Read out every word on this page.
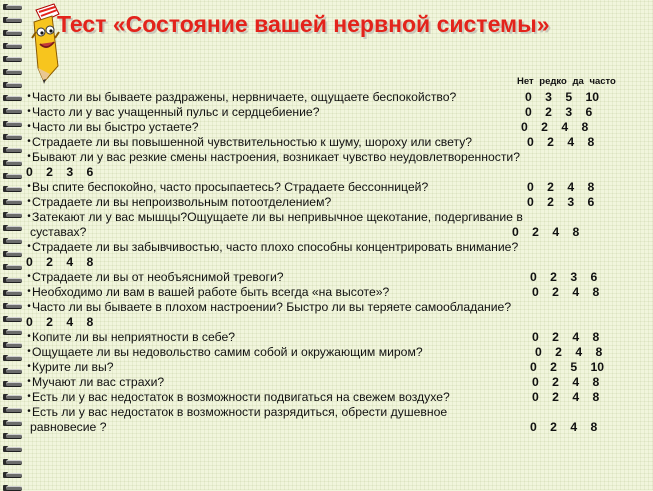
Тест «Состояние вашей нервной системы»
Нет редко да часто
• Часто ли вы бываете раздражены, нервничаете, ощущаете беспокойство?	0 3 5 10
• Часто ли у вас учащенный пульс и сердцебиение?	0 2 3 6
• Часто ли вы быстро устаете?	0 2 4 8
• Страдаете ли вы повышенной чувствительностью к шуму, шороху или свету?	0 2 4 8
• Бывают ли у вас резкие смены настроения, возникает чувство неудовлетворенности?
0 2 3 6
• Вы спите беспокойно, часто просыпаетесь? Страдаете бессонницей?	0 2 4 8
• Страдаете ли вы непроизвольным потоотделением?	0 2 3 6
• Затекают ли у вас мышцы?Ощущаете ли вы непривычное щекотание, подергивание в
суставах?	0 2 4 8
• Страдаете ли вы забывчивостью, часто плохо способны концентрировать внимание?
0 2 4 8
• Страдаете ли вы от необъяснимой тревоги?	0 2 3 6
• Необходимо ли вам в вашей работе быть всегда «на высоте»?	0 2 4 8
• Часто ли вы бываете в плохом настроении? Быстро ли вы теряете самообладание?
0 2 4 8
• Копите ли вы неприятности в себе?	0 2 4 8
• Ощущаете ли вы недовольство самим собой и окружающим миром?	0 2 4 8
• Курите ли вы?	0 2 5 10
• Мучают ли вас страхи?	0 2 4 8
• Есть ли у вас недостаток в возможности подвигаться на свежем воздухе?	0 2 4 8
• Есть ли у вас недостаток в возможности разрядиться, обрести душевное
равновесие ?	0 2 4 8
